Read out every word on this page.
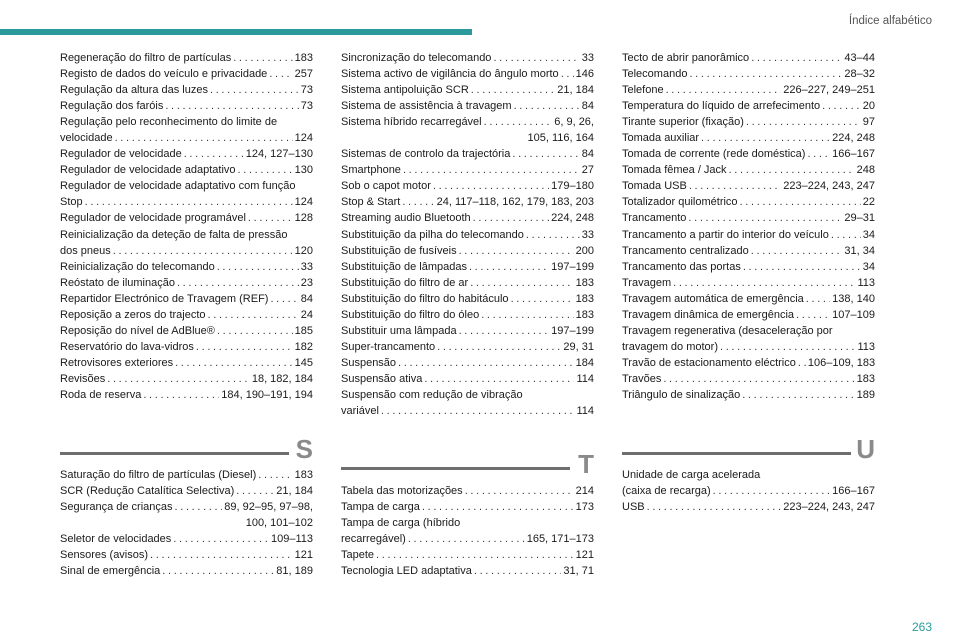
Índice alfabético
Regeneração do filtro de partículas . . .	183
Registo de dados do veículo e privacidade . . . 257
Regulação da altura das luzes . . .	73
Regulação dos faróis . . .	73
Regulação pelo reconhecimento do limite de
velocidade . . .	124
Regulador de velocidade . . .	124, 127–130
Regulador de velocidade adaptativo . . .	130
Regulador de velocidade adaptativo com função
Stop . . .	124
Regulador de velocidade programável . . .	128
Reinicialização da deteção de falta de pressão
dos pneus . . .	120
Reinicialização do telecomando . . .	33
Reóstato de iluminação . . .	23
Repartidor Electrónico de Travagem (REF) . . .	84
Reposição a zeros do trajecto . . .	24
Reposição do nível de AdBlue® . . .	185
Reservatório do lava-vidros . . .	182
Retrovisores exteriores . . .	145
Revisões . . .	18, 182, 184
Roda de reserva . . .	184, 190–191, 194
Sincronização do telecomando . . .	33
Sistema activo de vigilância do ângulo morto . . . 146
Sistema antipoluição SCR . . .	21, 184
Sistema de assistência à travagem . . .	84
Sistema híbrido recarregável . . .	6, 9, 26,
105, 116, 164
Sistemas de controlo da trajectória . . .	84
Smartphone . . .	27
Sob o capot motor . . .	179–180
Stop & Start . . .	24, 117–118, 162, 179, 183, 203
Streaming audio Bluetooth . . .	224, 248
Substituição da pilha do telecomando . . .	33
Substituição de fusíveis . . .	200
Substituição de lâmpadas . . .	197–199
Substituição do filtro de ar . . .	183
Substituição do filtro do habitáculo . . .	183
Substituição do filtro do óleo . . .	183
Substituir uma lâmpada . . .	197–199
Super-trancamento . . .	29, 31
Suspensão . . .	184
Suspensão ativa . . .	114
Suspensão com redução de vibração
variável . . .	114
Tecto de abrir panorâmico . . .	43–44
Telecomando . . .	28–32
Telefone . . .	226–227, 249–251
Temperatura do líquido de arrefecimento . . .	20
Tirante superior (fixação) . . .	97
Tomada auxiliar . . .	224, 248
Tomada de corrente (rede doméstica) . . . 166–167
Tomada fêmea / Jack . . .	248
Tomada USB . . .	223–224, 243, 247
Totalizador quilométrico . . .	22
Trancamento . . .	29–31
Trancamento a partir do interior do veículo . . .	34
Trancamento centralizado . . .	31, 34
Trancamento das portas . . .	34
Travagem . . .	113
Travagem automática de emergência . . .	138, 140
Travagem dinâmica de emergência . . .	107–109
Travagem regenerativa (desaceleração por
travagem do motor) . . .	113
Travão de estacionamento eléctrico . . . 106–109, 183
Travões . . .	183
Triângulo de sinalização . . .	189
S	T	U
Saturação do filtro de partículas (Diesel) . . .	183
SCR (Redução Catalítica Selectiva) . . .	21, 184
Segurança de crianças . . .	89, 92–95, 97–98,
100, 101–102
Seletor de velocidades . . .	109–113
Sensores (avisos) . . .	121
Sinal de emergência . . .	81, 189
Tabela das motorizações . . .	214
Tampa de carga . . .	173
Tampa de carga (híbrido
recarregável) . . .	165, 171–173
Tapete . . .	121
Tecnologia LED adaptativa . . .	31, 71
Unidade de carga acelerada
(caixa de recarga) . . .	166–167
USB . . .	223–224, 243, 247
263
